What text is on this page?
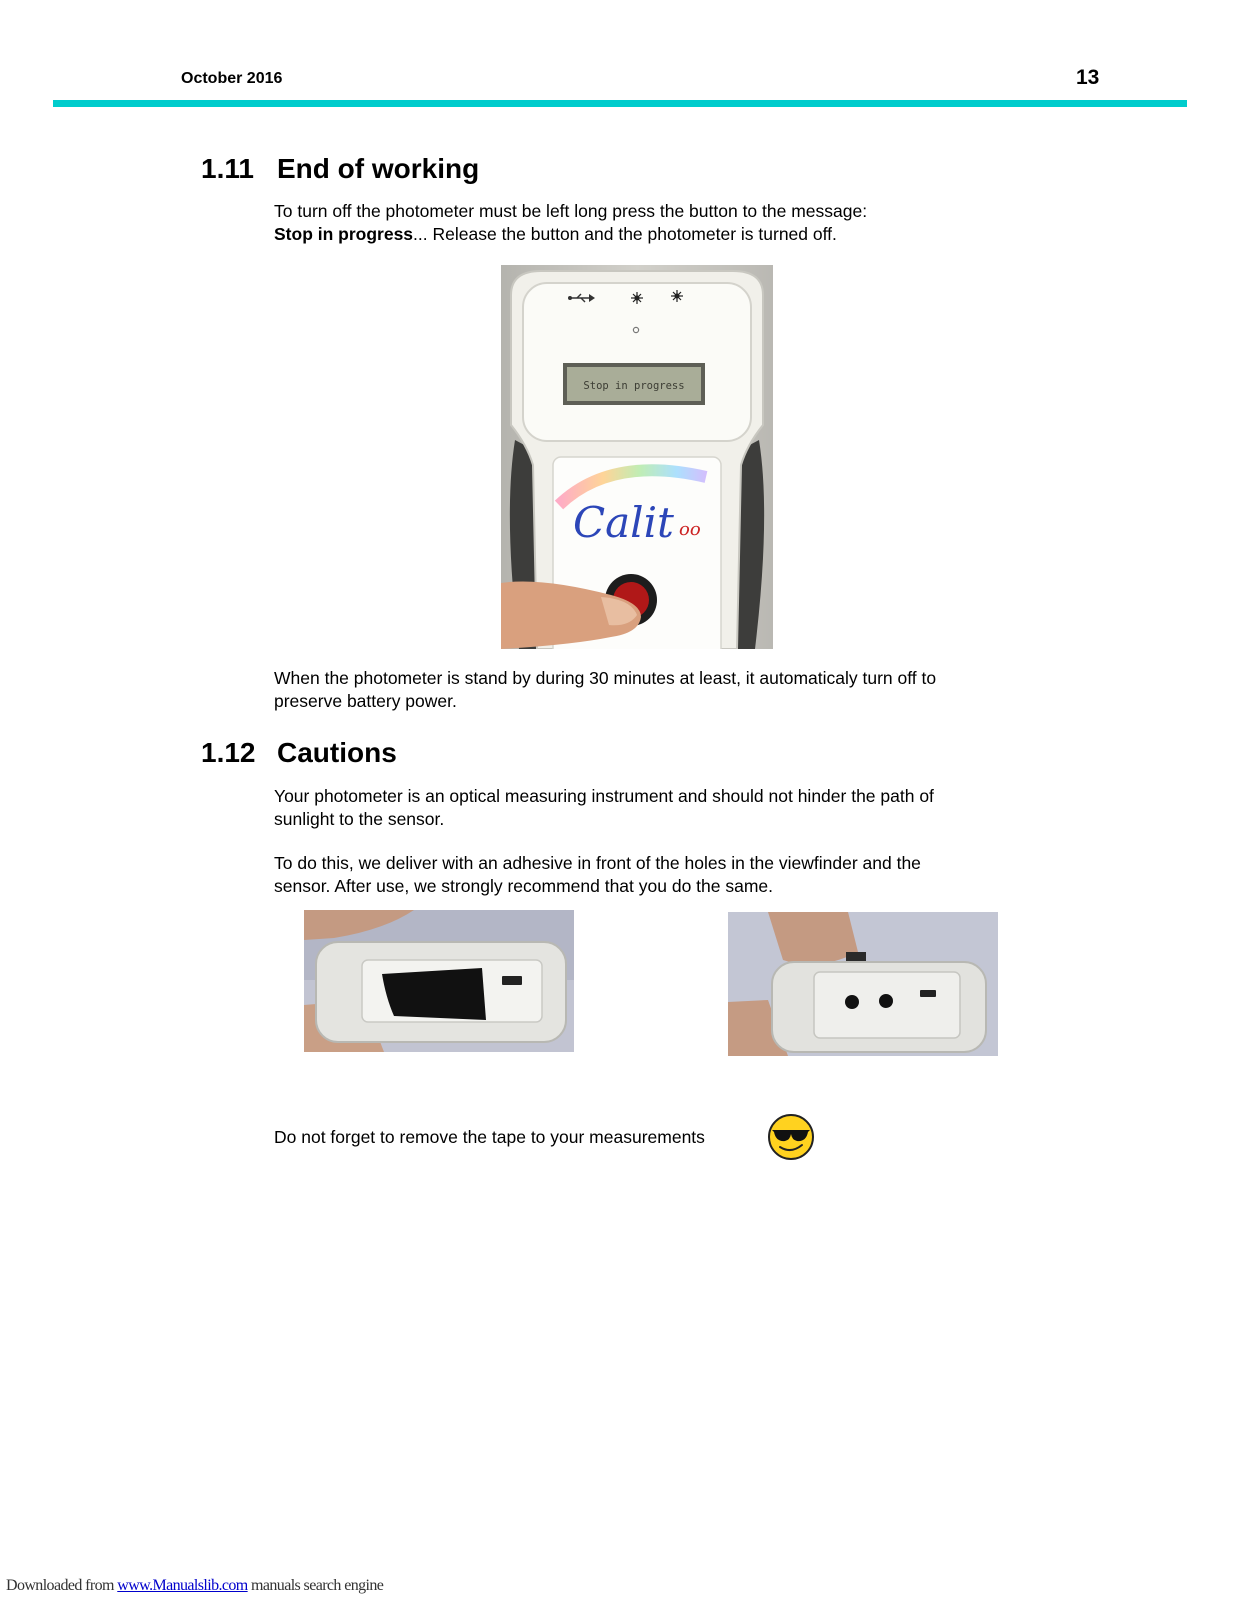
October 2016	13
1.11 End of working
To turn off the photometer must be left long press the button to the message:
Stop in progress... Release the button and the photometer is turned off.
Stop in progress
Calit oo
When the photometer is stand by during 30 minutes at least, it automaticaly turn off to preserve battery power.
1.12 Cautions
Your photometer is an optical measuring instrument and should not hinder the path of sunlight to the sensor.
To do this, we deliver with an adhesive in front of the holes in the viewfinder and the sensor. After use, we strongly recommend that you do the same.
Do not forget to remove the tape to your measurements
Downloaded from www.Manualslib.com manuals search engine
